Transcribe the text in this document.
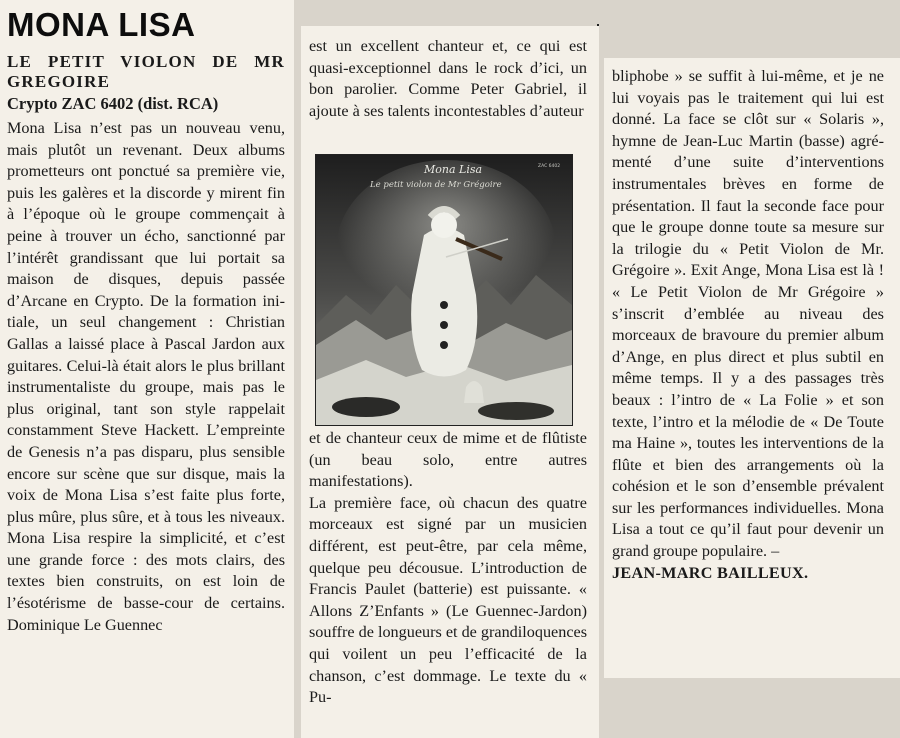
MONA LISA
LE PETIT VIOLON DE MR GREGOIRE
Crypto ZAC 6402 (dist. RCA)

Mona Lisa n’est pas un nouveau venu, mais plutôt un revenant. Deux albums prometteurs ont ponctué sa première vie, puis les galères et la discorde y mirent fin à l’époque où le groupe commençait à peine à trouver un écho, sanctionné par l’intérêt grandissant que lui portait sa maison de disques, depuis passée d’Arcane en Crypto. De la formation initiale, un seul changement : Christian Gallas a laissé place à Pascal Jardon aux guitares. Celui-là était alors le plus brillant instrumentaliste du groupe, mais pas le plus original, tant son style rappelait constamment Steve Hackett. L’empreinte de Genesis n’a pas disparu, plus sensible encore sur scène que sur disque, mais la voix de Mona Lisa s’est faite plus forte, plus mûre, plus sûre, et à tous les niveaux. Mona Lisa respire la simplicité, et c’est une grande force : des mots clairs, des textes bien construits, on est loin de l’ésotérisme de basse-cour de certains. Dominique Le Guennec

est un excellent chanteur et, ce qui est quasi-exceptionnel dans le rock d’ici, un bon parolier. Comme Peter Gabriel, il ajoute à ses talents incontestables d’auteur

Mona Lisa
Le petit violon de Mr Grégoire
ZAC 6402

et de chanteur ceux de mime et de flûtiste (un beau solo, entre autres manifestations).

La première face, où chacun des quatre morceaux est signé par un musicien différent, est peut-être, par cela même, quelque peu décousue. L’introduction de Francis Paulet (batterie) est puissante. « Allons Z’Enfants » (Le Guennec-Jardon) souffre de longueurs et de grandiloquences qui voilent un peu l’efficacité de la chanson, c’est dommage. Le texte du « Pu-

bliphobe » se suffit à lui-même, et je ne lui voyais pas le traitement qui lui est donné. La face se clôt sur « Solaris », hymne de Jean-Luc Martin (basse) agrémenté d’une suite d’interventions instrumentales brèves en forme de présentation. Il faut la seconde face pour que le groupe donne toute sa mesure sur la trilogie du « Petit Violon de Mr. Grégoire ». Exit Ange, Mona Lisa est là ! « Le Petit Violon de Mr Grégoire » s’inscrit d’emblée au niveau des morceaux de bravoure du premier album d’Ange, en plus direct et plus subtil en même temps. Il y a des passages très beaux : l’intro de « La Folie » et son texte, l’intro et la mélodie de « De Toute ma Haine », toutes les interventions de la flûte et bien des arrangements où la cohésion et le son d’ensemble prévalent sur les performances individuelles. Mona Lisa a tout ce qu’il faut pour devenir un grand groupe populaire. –

JEAN-MARC BAILLEUX.
